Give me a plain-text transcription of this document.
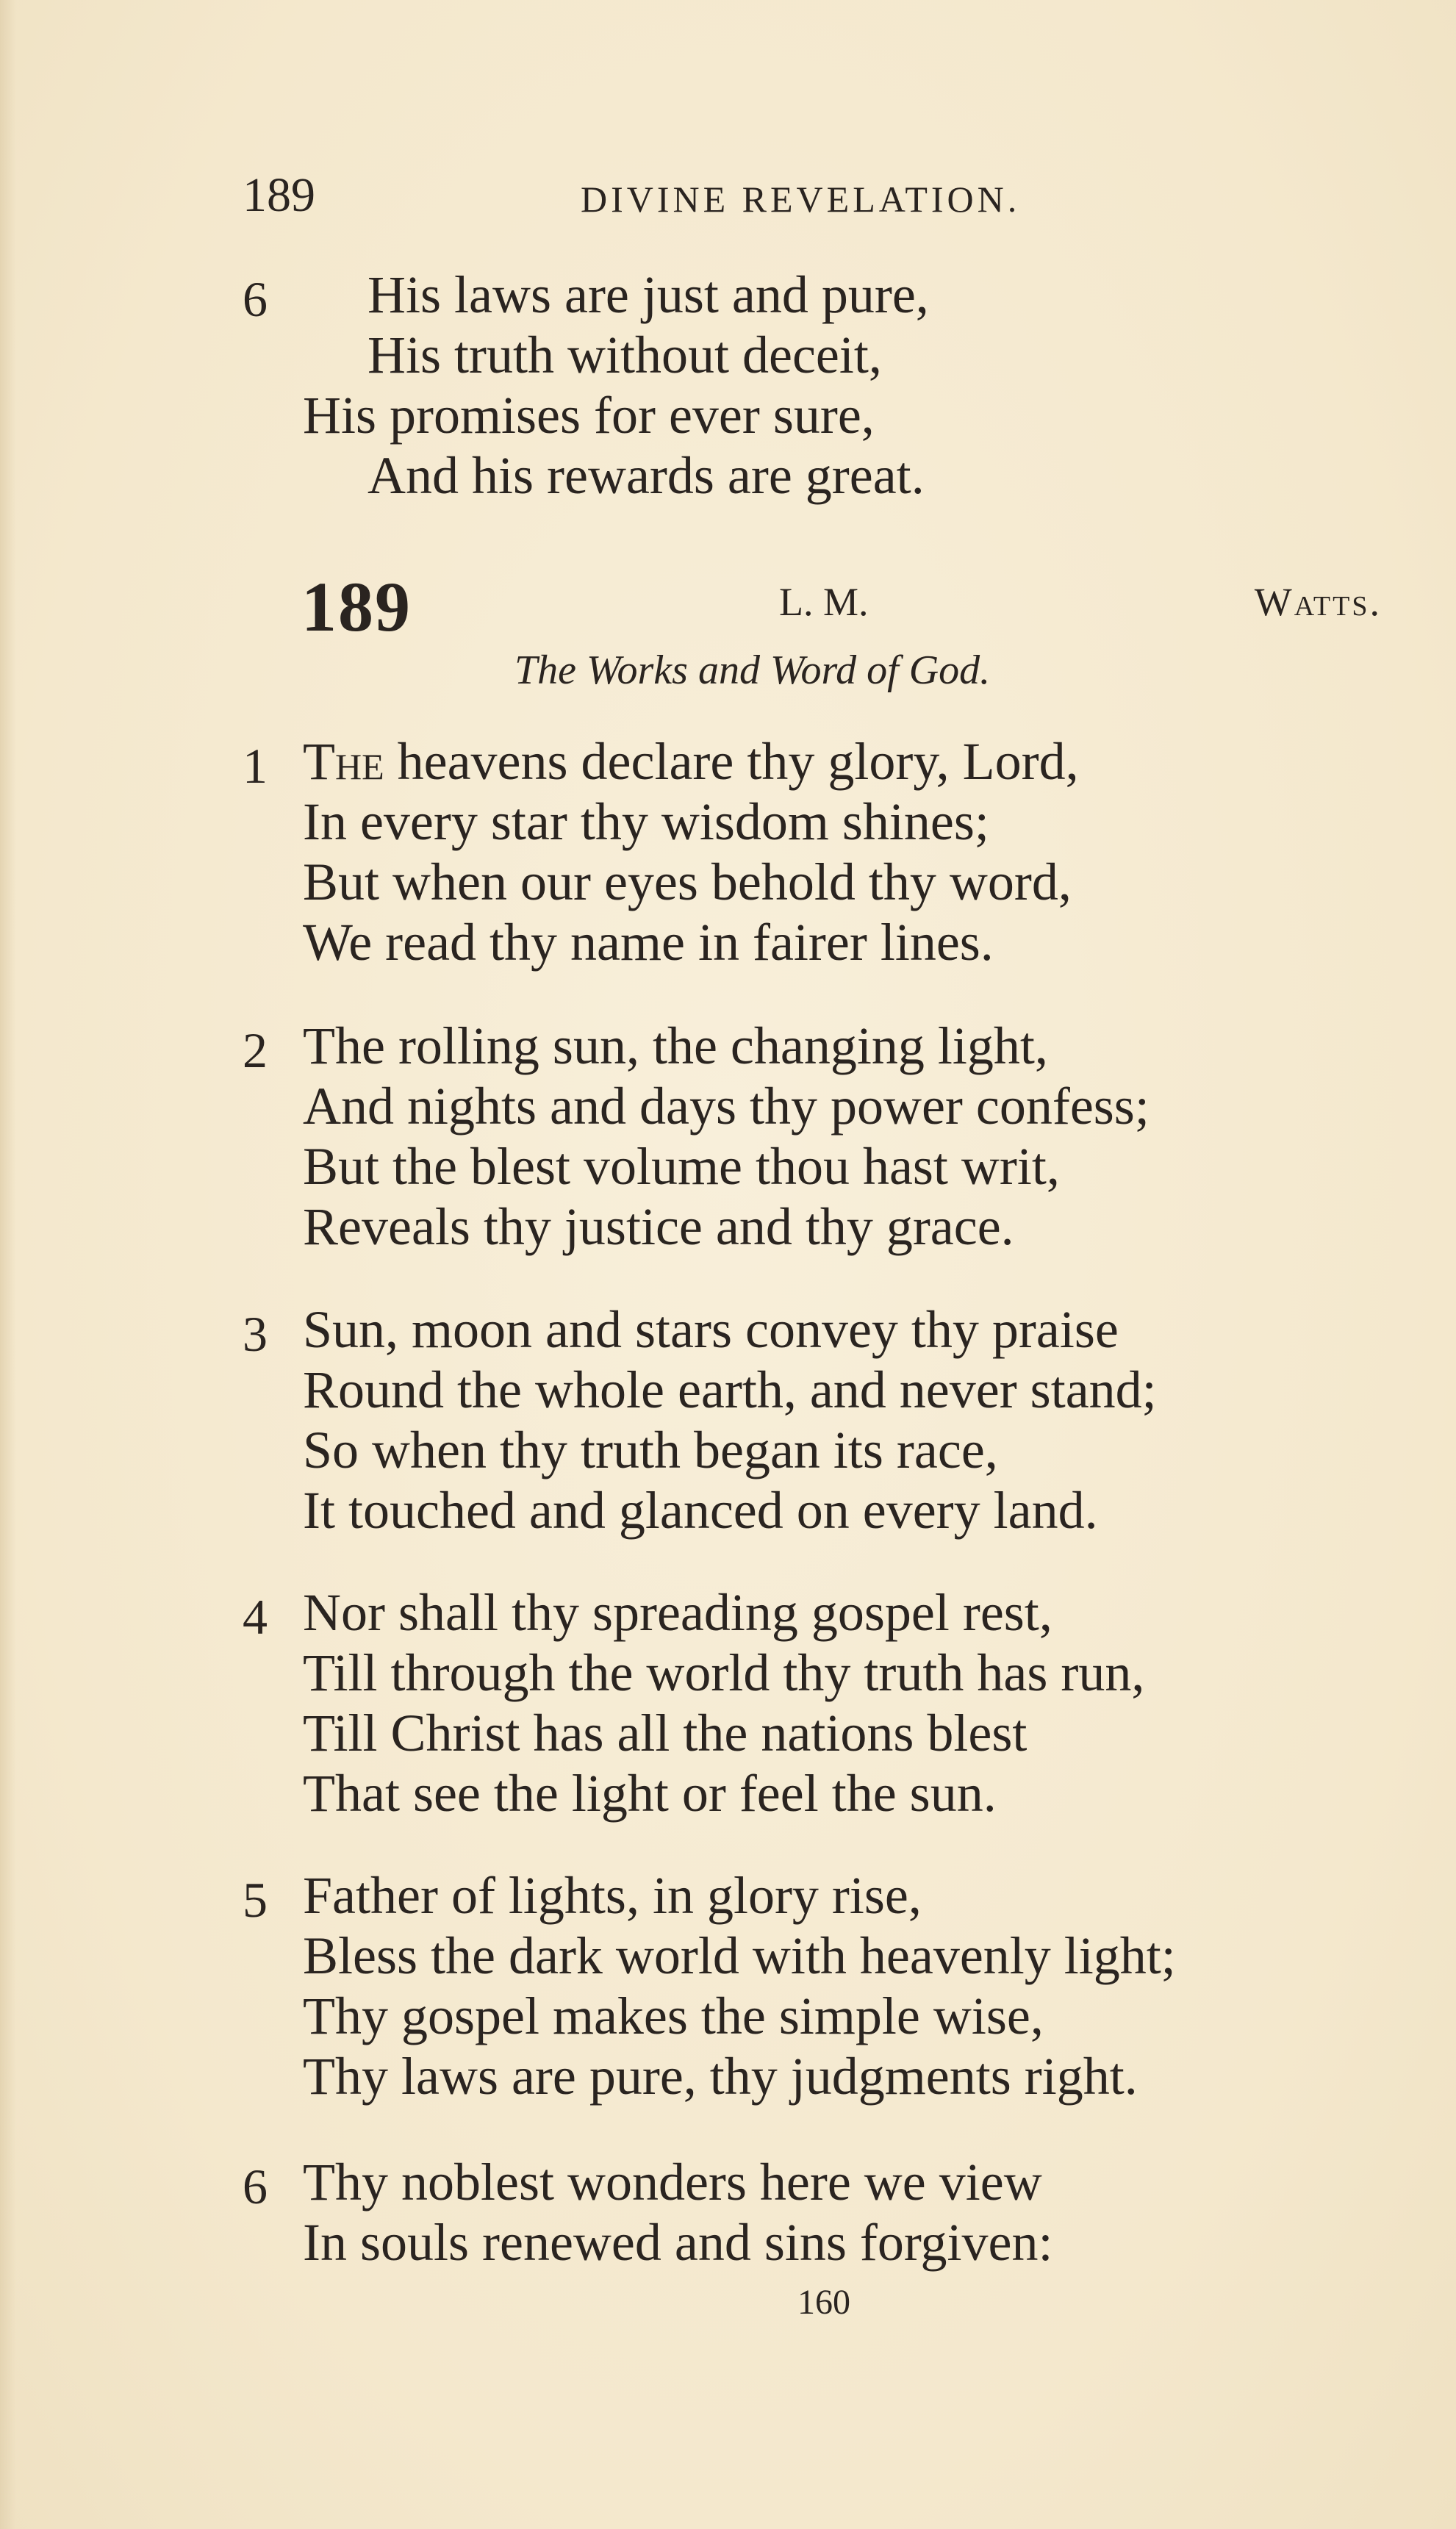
189	DIVINE REVELATION.
6 His laws are just and pure,
His truth without deceit,
His promises for ever sure,
And his rewards are great.
189	L. M.	Watts.
The Works and Word of God.
1 The heavens declare thy glory, Lord,
In every star thy wisdom shines;
But when our eyes behold thy word,
We read thy name in fairer lines.
2 The rolling sun, the changing light,
And nights and days thy power confess;
But the blest volume thou hast writ,
Reveals thy justice and thy grace.
3 Sun, moon and stars convey thy praise
Round the whole earth, and never stand;
So when thy truth began its race,
It touched and glanced on every land.
4 Nor shall thy spreading gospel rest,
Till through the world thy truth has run,
Till Christ has all the nations blest
That see the light or feel the sun.
5 Father of lights, in glory rise,
Bless the dark world with heavenly light;
Thy gospel makes the simple wise,
Thy laws are pure, thy judgments right.
6 Thy noblest wonders here we view
In souls renewed and sins forgiven:
160
